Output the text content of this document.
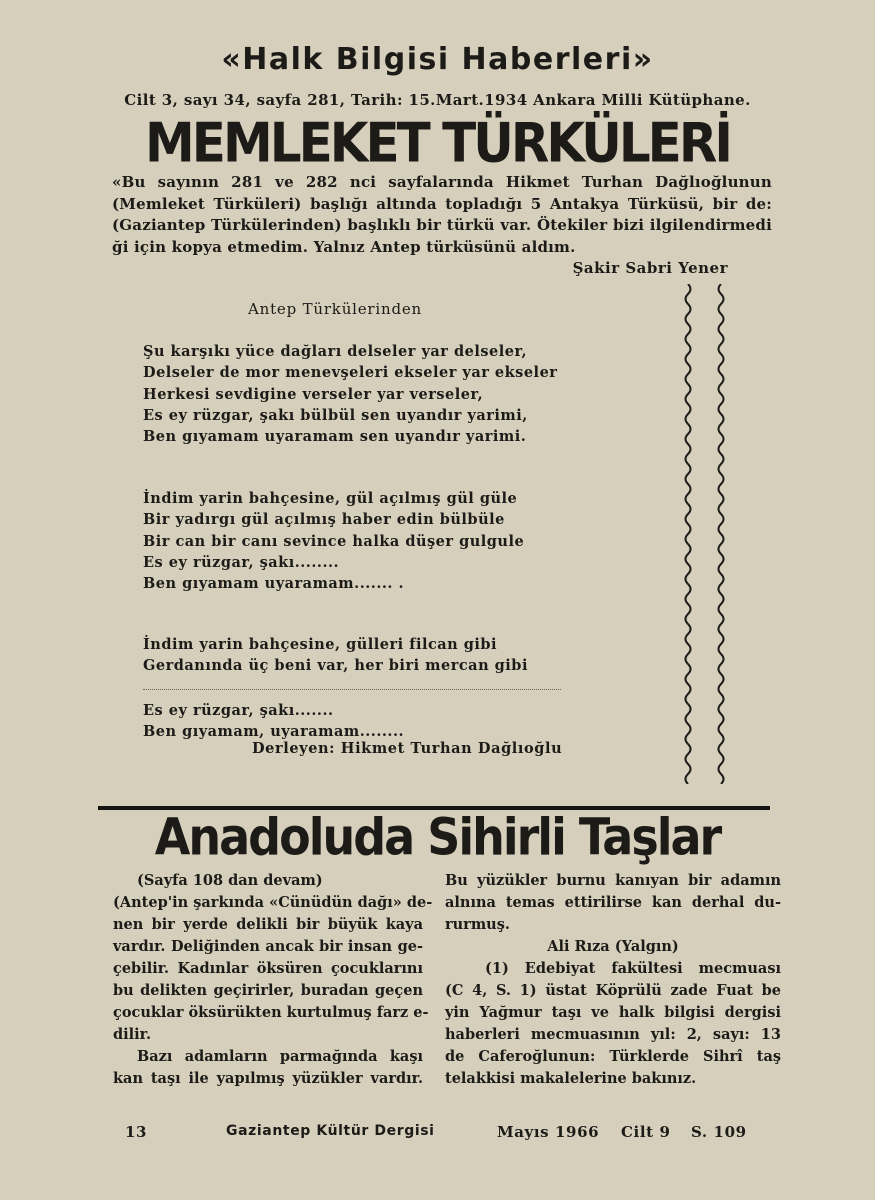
«Halk Bilgisi Haberleri»
Cilt 3, sayı 34, sayfa 281, Tarih: 15.Mart.1934 Ankara Milli Kütüphane.
MEMLEKET TÜRKÜLERİ
«Bu sayının 281 ve 282 nci sayfalarında Hikmet Turhan Dağlıoğlunun (Memleket Türküleri) başlığı altında topladığı 5 Antakya Türküsü, bir de: (Gaziantep Türkülerinden) başlıklı bir türkü var. Ötekiler bizi ilgilendirmedi ği için kopya etmedim. Yalnız Antep türküsünü aldım.
Şakir Sabri Yener
Antep Türkülerinden
Şu karşıkı yüce dağları delseler yar delseler,
Delseler de mor menevşeleri ekseler yar ekseler
Herkesi sevdigine verseler yar verseler,
Es ey rüzgar, şakı bülbül sen uyandır yarimi,
Ben gıyamam uyaramam sen uyandır yarimi.
İndim yarin bahçesine, gül açılmış gül güle
Bir yadırgı gül açılmış haber edin bülbüle
Bir can bir canı sevince halka düşer gulgule
Es ey rüzgar, şakı........
Ben gıyamam uyaramam....... .
İndim yarin bahçesine, gülleri filcan gibi
Gerdanında üç beni var, her biri mercan gibi
Es ey rüzgar, şakı.......
Ben gıyamam, uyaramam........
Derleyen: Hikmet Turhan Dağlıoğlu
Anadoluda Sihirli Taşlar
(Sayfa 108 dan devam)
(Antep'in şarkında «Cünüdün dağı» de-
nen bir yerde delikli bir büyük kaya
vardır. Deliğinden ancak bir insan ge-
çebilir. Kadınlar öksüren çocuklarını
bu delikten geçirirler, buradan geçen
çocuklar öksürükten kurtulmuş farz e-
dilir.
Bazı adamların parmağında kaşı
kan taşı ile yapılmış yüzükler vardır.
Bu yüzükler burnu kanıyan bir adamın
alnına temas ettirilirse kan derhal du-
rurmuş.
Ali Rıza (Yalgın)
(1) Edebiyat fakültesi mecmuası
(C 4, S. 1) üstat Köprülü zade Fuat be
yin Yağmur taşı ve halk bilgisi dergisi
haberleri mecmuasının yıl: 2, sayı: 13
de Caferoğlunun: Türklerde Sihrî taş
telakkisi makalelerine bakınız.
13	Gaziantep Kültür Dergisi	Mayıs 1966 Cilt 9 S. 109
